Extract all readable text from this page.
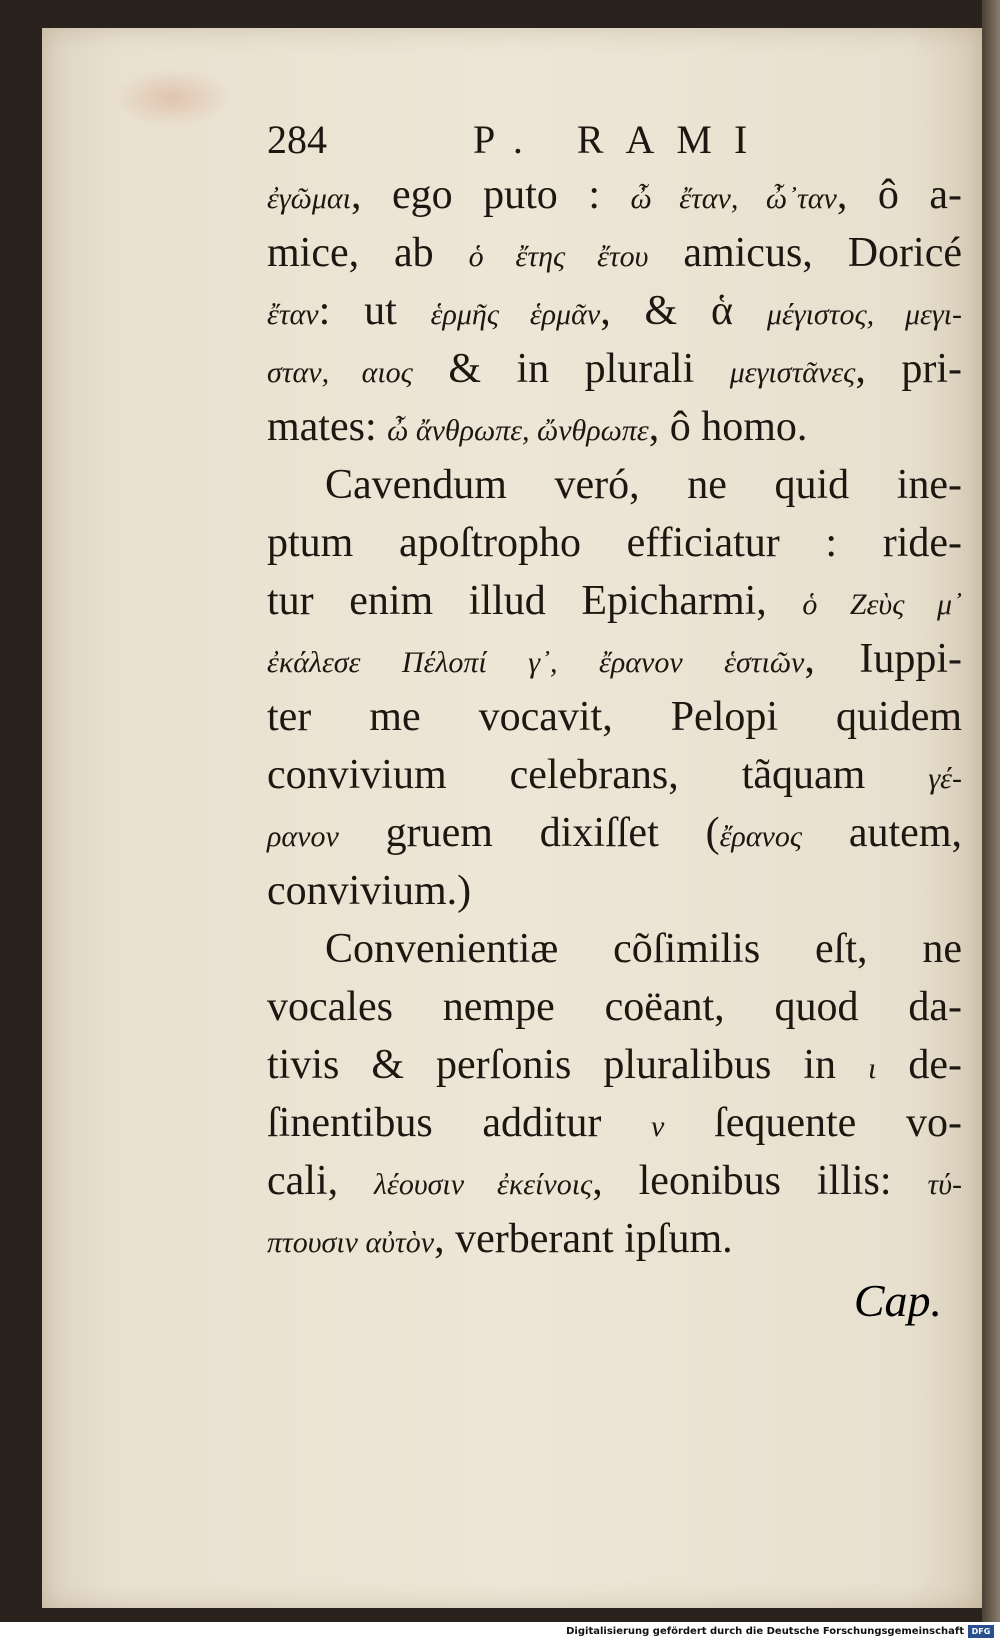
284	P. RAMI
ἐγῶμαι, ego puto : ὦ ἔταν, ὦ᾽ταν, ô a-
mice, ab ὁ ἔτης ἔτου amicus, Doricé
ἔταν: ut ἑρμῆς ἑρμᾶν, & ἁ μέγιστος, μεγι-
σταν, αιος & in plurali μεγιστᾶνες, pri-
mates: ὦ ἄνθρωπε, ὤνθρωπε, ô homo.
Cavendum veró, ne quid ine-
ptum apoſtropho efficiatur : ride-
tur enim illud Epicharmi, ὁ Ζεὺς μ᾽
ἐκάλεσε Πέλοπί γ᾽, ἔρανον ἑστιῶν, Iuppi-
ter me vocavit, Pelopi quidem
convivium celebrans, tãquam γέ-
ρανον gruem dixiſſet (ἔρανος autem,
convivium.)
Convenientiæ cõſimilis eſt, ne
vocales nempe coëant, quod da-
tivis & perſonis pluralibus in ι de-
ſinentibus additur ν ſequente vo-
cali, λέουσιν ἐκείνοις, leonibus illis: τύ-
πτουσιν αὐτὸν, verberant ipſum.
Cap.
Digitalisierung gefördert durch die Deutsche Forschungsgemeinschaft DFG
